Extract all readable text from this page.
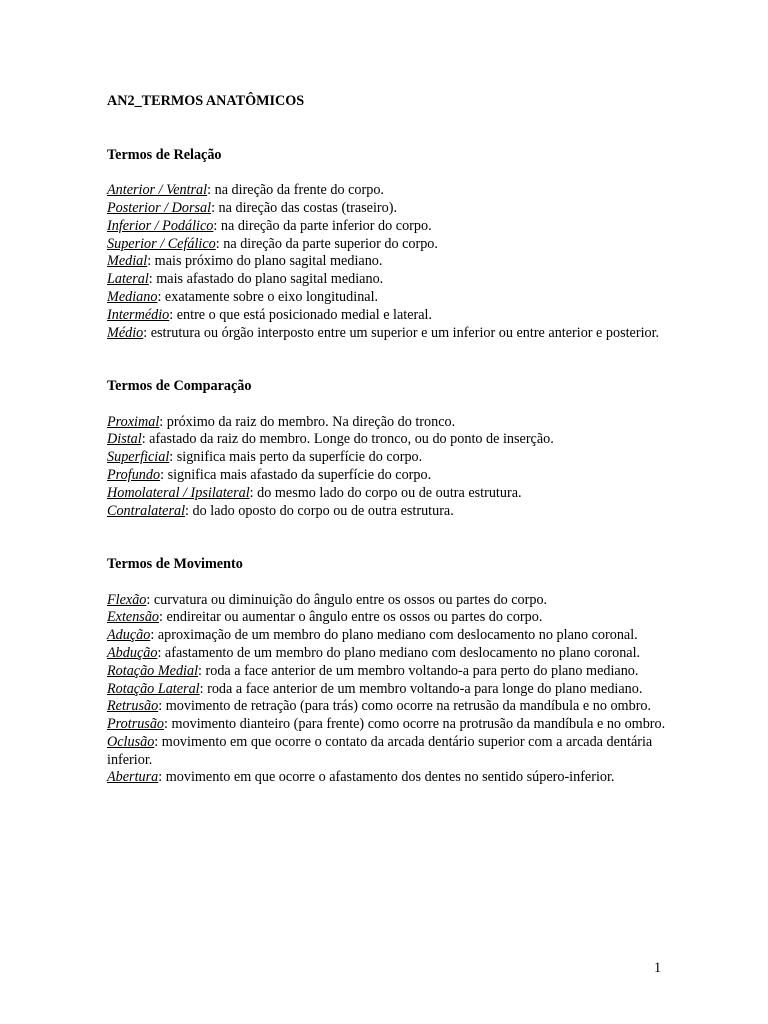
AN2_TERMOS ANATÔMICOS

Termos de Relação

Anterior / Ventral: na direção da frente do corpo.

Posterior / Dorsal: na direção das costas (traseiro).

Inferior / Podálico: na direção da parte inferior do corpo.

Superior / Cefálico: na direção da parte superior do corpo.

Medial: mais próximo do plano sagital mediano.

Lateral: mais afastado do plano sagital mediano.

Mediano: exatamente sobre o eixo longitudinal.

Intermédio: entre o que está posicionado medial e lateral.

Médio: estrutura ou órgão interposto entre um superior e um inferior ou entre anterior e posterior.

Termos de Comparação

Proximal: próximo da raiz do membro. Na direção do tronco.

Distal: afastado da raiz do membro. Longe do tronco, ou do ponto de inserção.

Superficial: significa mais perto da superfície do corpo.

Profundo: significa mais afastado da superfície do corpo.

Homolateral / Ipsilateral: do mesmo lado do corpo ou de outra estrutura.

Contralateral: do lado oposto do corpo ou de outra estrutura.

Termos de Movimento

Flexão: curvatura ou diminuição do ângulo entre os ossos ou partes do corpo.

Extensão: endireitar ou aumentar o ângulo entre os ossos ou partes do corpo.

Adução: aproximação de um membro do plano mediano com deslocamento no plano coronal.

Abdução: afastamento de um membro do plano mediano com deslocamento no plano coronal.

Rotação Medial: roda a face anterior de um membro voltando-a para perto do plano mediano.

Rotação Lateral: roda a face anterior de um membro voltando-a para longe do plano mediano.

Retrusão: movimento de retração (para trás) como ocorre na retrusão da mandíbula e no ombro.

Protrusão: movimento dianteiro (para frente) como ocorre na protrusão da mandíbula e no ombro.

Oclusão: movimento em que ocorre o contato da arcada dentário superior com a arcada dentária inferior.

Abertura: movimento em que ocorre o afastamento dos dentes no sentido súpero-inferior.

1
